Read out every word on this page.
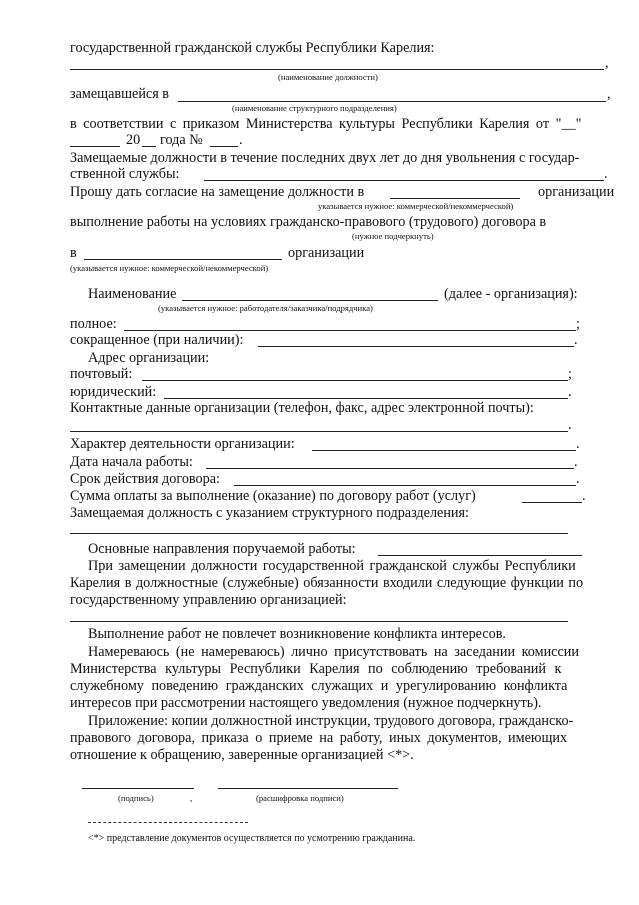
государственной гражданской службы Республики Карелия:
,
(наименование должности)
замещавшейся в	,
(наименование структурного подразделения)
в соответствии с приказом Министерства культуры Республики Карелия от "__"
20 года №	.
Замещаемые должности в течение последних двух лет до дня увольнения с государ-
ственной службы:	.
Прошу дать согласие на замещение должности в	организации
указывается нужное: коммерческой/некоммерческой)
выполнение работы на условиях гражданско-правового (трудового) договора в
(нужное подчеркнуть)
в	организации
(указывается нужное: коммерческой/некоммерческой)
Наименование	(далее - организация):
(указывается нужное: работодателя/заказчика/подрядчика)
полное:	;
сокращенное (при наличии):	.
Адрес организации:
почтовый:	;
юридический:	.
Контактные данные организации (телефон, факс, адрес электронной почты):
.
Характер деятельности организации:	.
Дата начала работы:	.
Срок действия договора:	.
Сумма оплаты за выполнение (оказание) по договору работ (услуг)	.
Замещаемая должность с указанием структурного подразделения:
Основные направления поручаемой работы:
При замещении должности государственной гражданской службы Республики
Карелия в должностные (служебные) обязанности входили следующие функции по
государственному управлению организацией:
Выполнение работ не повлечет возникновение конфликта интересов.
Намереваюсь (не намереваюсь) лично присутствовать на заседании комиссии
Министерства культуры Республики Карелия по соблюдению требований к
служебному поведению гражданских служащих и урегулированию конфликта
интересов при рассмотрении настоящего уведомления (нужное подчеркнуть).
Приложение: копии должностной инструкции, трудового договора, гражданско-
правового договора, приказа о приеме на работу, иных документов, имеющих
отношение к обращению, заверенные организацией <*>.
(подпись)	,	(расшифровка подписи)
<*> представление документов осуществляется по усмотрению гражданина.
